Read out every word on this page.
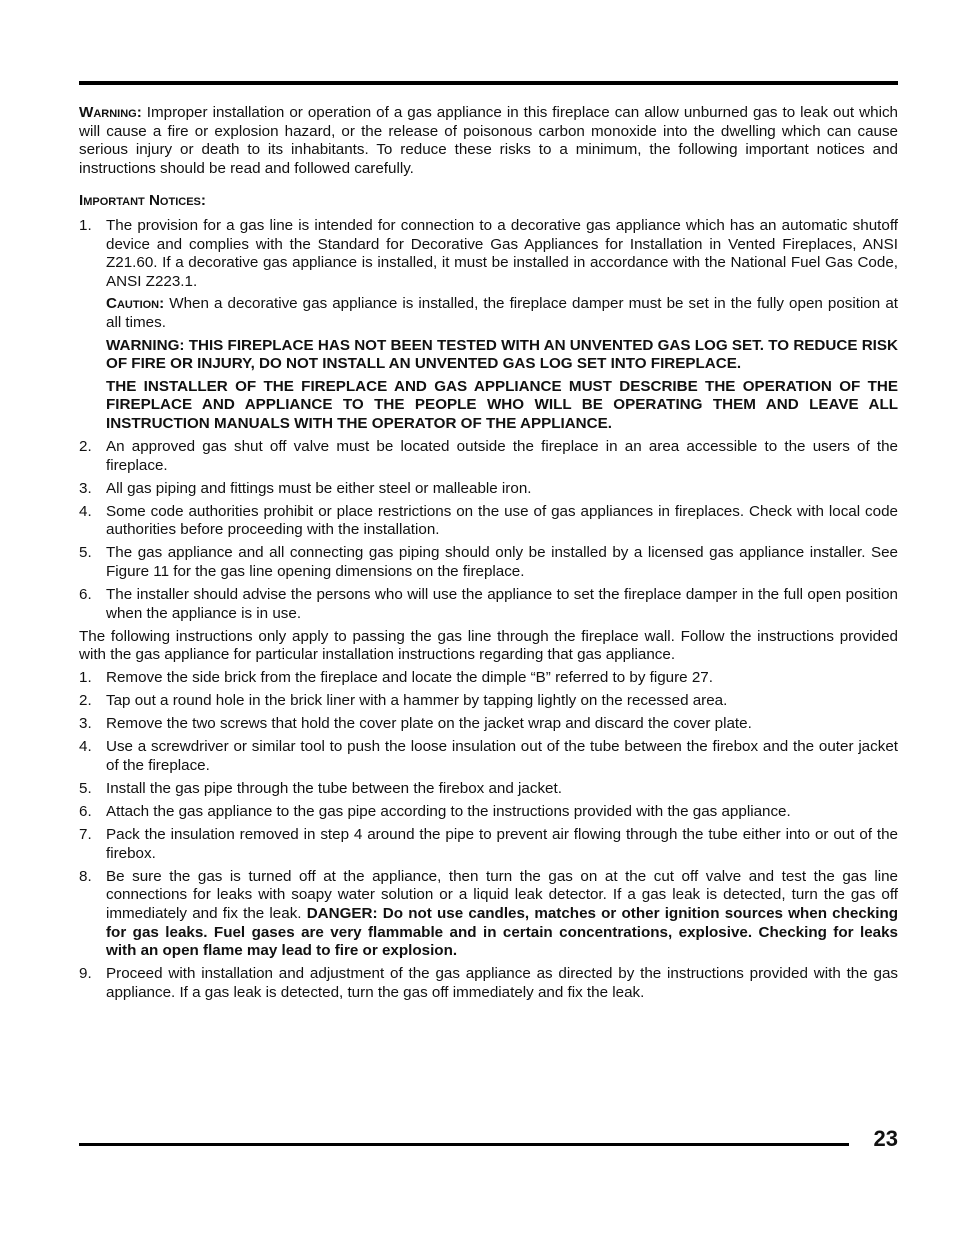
Warning: Improper installation or operation of a gas appliance in this fireplace can allow unburned gas to leak out which will cause a fire or explosion hazard, or the release of poisonous carbon monoxide into the dwelling which can cause serious injury or death to its inhabitants. To reduce these risks to a minimum, the following important notices and instructions should be read and followed carefully.

Important Notices:

1. The provision for a gas line is intended for connection to a decorative gas appliance which has an automatic shutoff device and complies with the Standard for Decorative Gas Appliances for Installation in Vented Fireplaces, ANSI Z21.60. If a decorative gas appliance is installed, it must be installed in accordance with the National Fuel Gas Code, ANSI Z223.1.

Caution: When a decorative gas appliance is installed, the fireplace damper must be set in the fully open position at all times.

WARNING: THIS FIREPLACE HAS NOT BEEN TESTED WITH AN UNVENTED GAS LOG SET. TO REDUCE RISK OF FIRE OR INJURY, DO NOT INSTALL AN UNVENTED GAS LOG SET INTO FIREPLACE.

THE INSTALLER OF THE FIREPLACE AND GAS APPLIANCE MUST DESCRIBE THE OPERATION OF THE FIREPLACE AND APPLIANCE TO THE PEOPLE WHO WILL BE OPERATING THEM AND LEAVE ALL INSTRUCTION MANUALS WITH THE OPERATOR OF THE APPLIANCE.

2. An approved gas shut off valve must be located outside the fireplace in an area accessible to the users of the fireplace.

3. All gas piping and fittings must be either steel or malleable iron.

4. Some code authorities prohibit or place restrictions on the use of gas appliances in fireplaces. Check with local code authorities before proceeding with the installation.

5. The gas appliance and all connecting gas piping should only be installed by a licensed gas appliance installer. See Figure 11 for the gas line opening dimensions on the fireplace.

6. The installer should advise the persons who will use the appliance to set the fireplace damper in the full open position when the appliance is in use.

The following instructions only apply to passing the gas line through the fireplace wall. Follow the instructions provided with the gas appliance for particular installation instructions regarding that gas appliance.

1. Remove the side brick from the fireplace and locate the dimple “B” referred to by figure 27.

2. Tap out a round hole in the brick liner with a hammer by tapping lightly on the recessed area.

3. Remove the two screws that hold the cover plate on the jacket wrap and discard the cover plate.

4. Use a screwdriver or similar tool to push the loose insulation out of the tube between the firebox and the outer jacket of the fireplace.

5. Install the gas pipe through the tube between the firebox and jacket.

6. Attach the gas appliance to the gas pipe according to the instructions provided with the gas appliance.

7. Pack the insulation removed in step 4 around the pipe to prevent air flowing through the tube either into or out of the firebox.

8. Be sure the gas is turned off at the appliance, then turn the gas on at the cut off valve and test the gas line connections for leaks with soapy water solution or a liquid leak detector. If a gas leak is detected, turn the gas off immediately and fix the leak. DANGER: Do not use candles, matches or other ignition sources when checking for gas leaks. Fuel gases are very flammable and in certain concentrations, explosive. Checking for leaks with an open flame may lead to fire or explosion.

9. Proceed with installation and adjustment of the gas appliance as directed by the instructions provided with the gas appliance. If a gas leak is detected, turn the gas off immediately and fix the leak.

23
